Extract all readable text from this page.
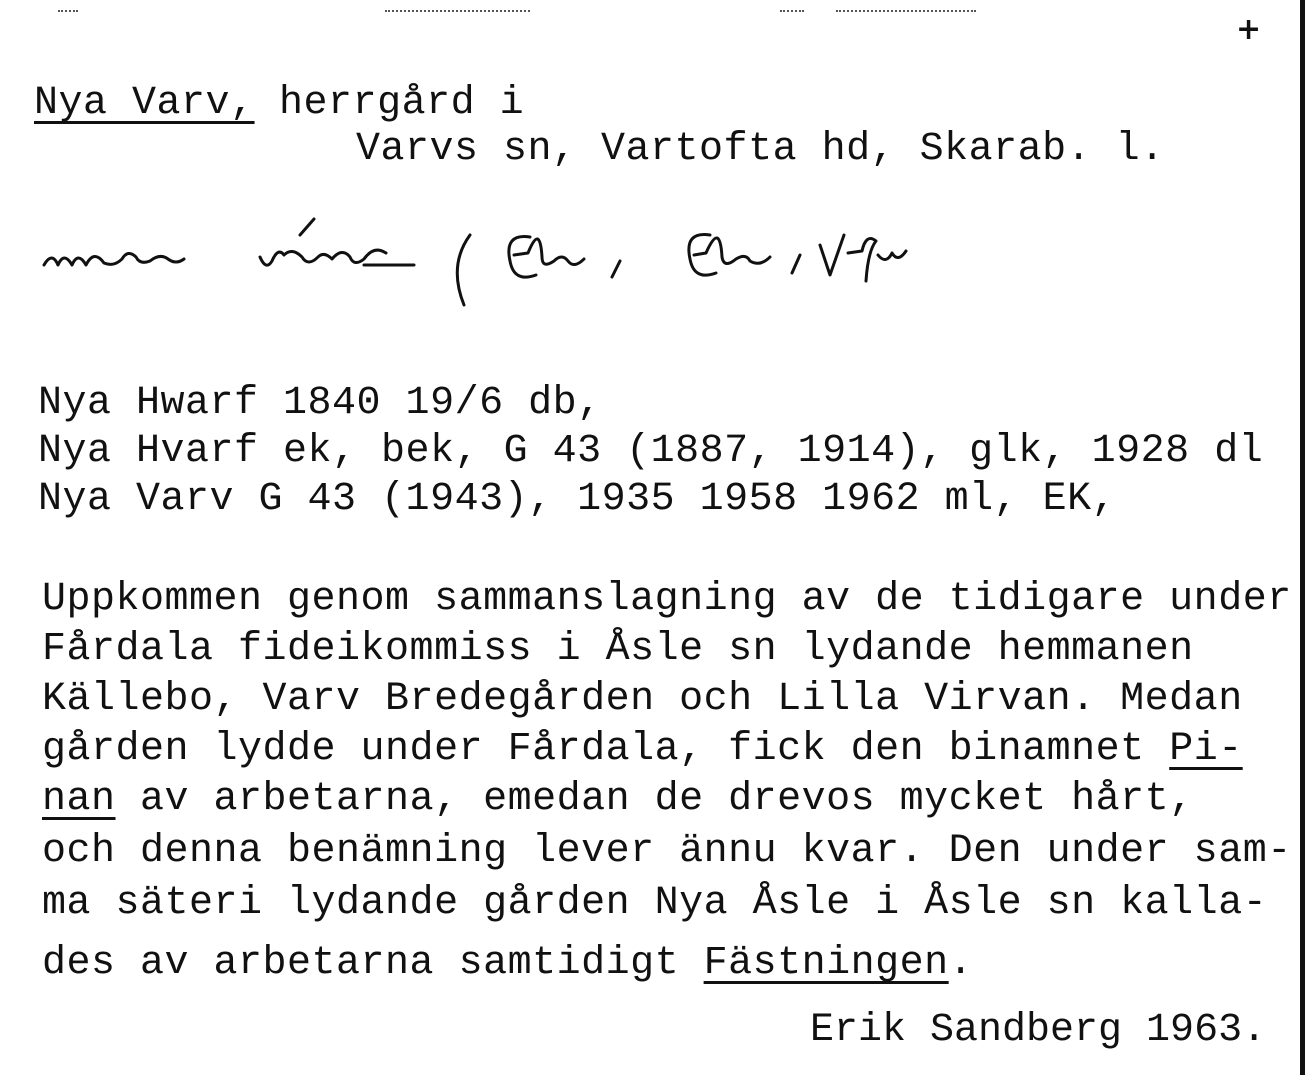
+
Nya Varv, herrgård i
Varvs sn, Vartofta hd, Skarab. l.
Nya Hwarf 1840 19/6 db,
Nya Hvarf ek, bek, G 43 (1887, 1914), glk, 1928 dl
Nya Varv G 43 (1943), 1935 1958 1962 ml, EK,
Uppkommen genom sammanslagning av de tidigare under
Fårdala fideikommiss i Åsle sn lydande hemmanen
Källebo, Varv Bredegården och Lilla Virvan. Medan
gården lydde under Fårdala, fick den binamnet Pi-
nan av arbetarna, emedan de drevos mycket hårt,
och denna benämning lever ännu kvar. Den under sam-
ma säteri lydande gården Nya Åsle i Åsle sn kalla-
des av arbetarna samtidigt Fästningen.
Erik Sandberg 1963.
